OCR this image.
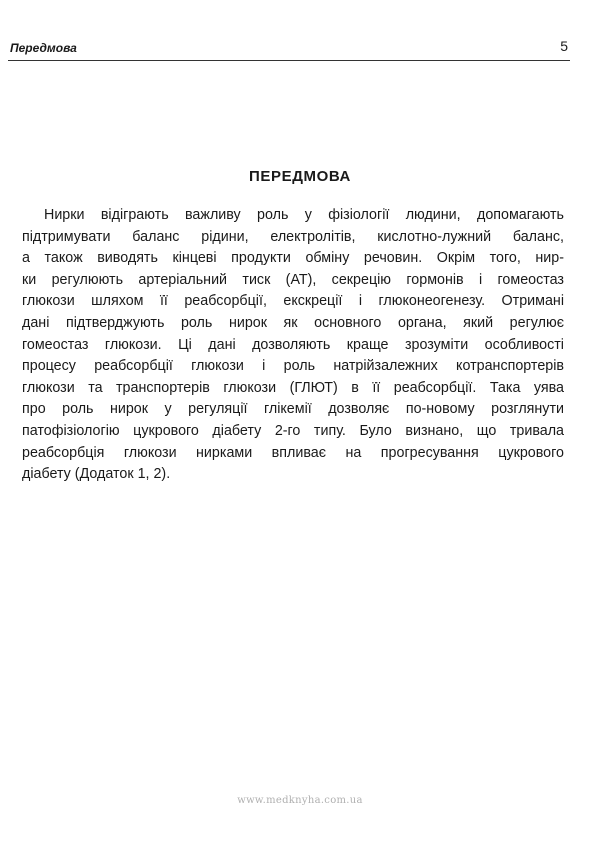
Передмова	5
ПЕРЕДМОВА
Нирки відіграють важливу роль у фізіології людини, допомагають
підтримувати баланс рідини, електролітів, кислотно-лужний баланс,
а також виводять кінцеві продукти обміну речовин. Окрім того, нир-
ки регулюють артеріальний тиск (АТ), секрецію гормонів і гомеостаз
глюкози шляхом її реабсорбції, екскреції і глюконеогенезу. Отримані
дані підтверджують роль нирок як основного органа, який регулює
гомеостаз глюкози. Ці дані дозволяють краще зрозуміти особливості
процесу реабсорбції глюкози і роль натрійзалежних котранспортерів
глюкози та транспортерів глюкози (ГЛЮТ) в її реабсорбції. Така уява
про роль нирок у регуляції глікемії дозволяє по-новому розглянути
патофізіологію цукрового діабету 2-го типу. Було визнано, що тривала
реабсорбція глюкози нирками впливає на прогресування цукрового
діабету (Додаток 1, 2).
www.medknyha.com.ua
